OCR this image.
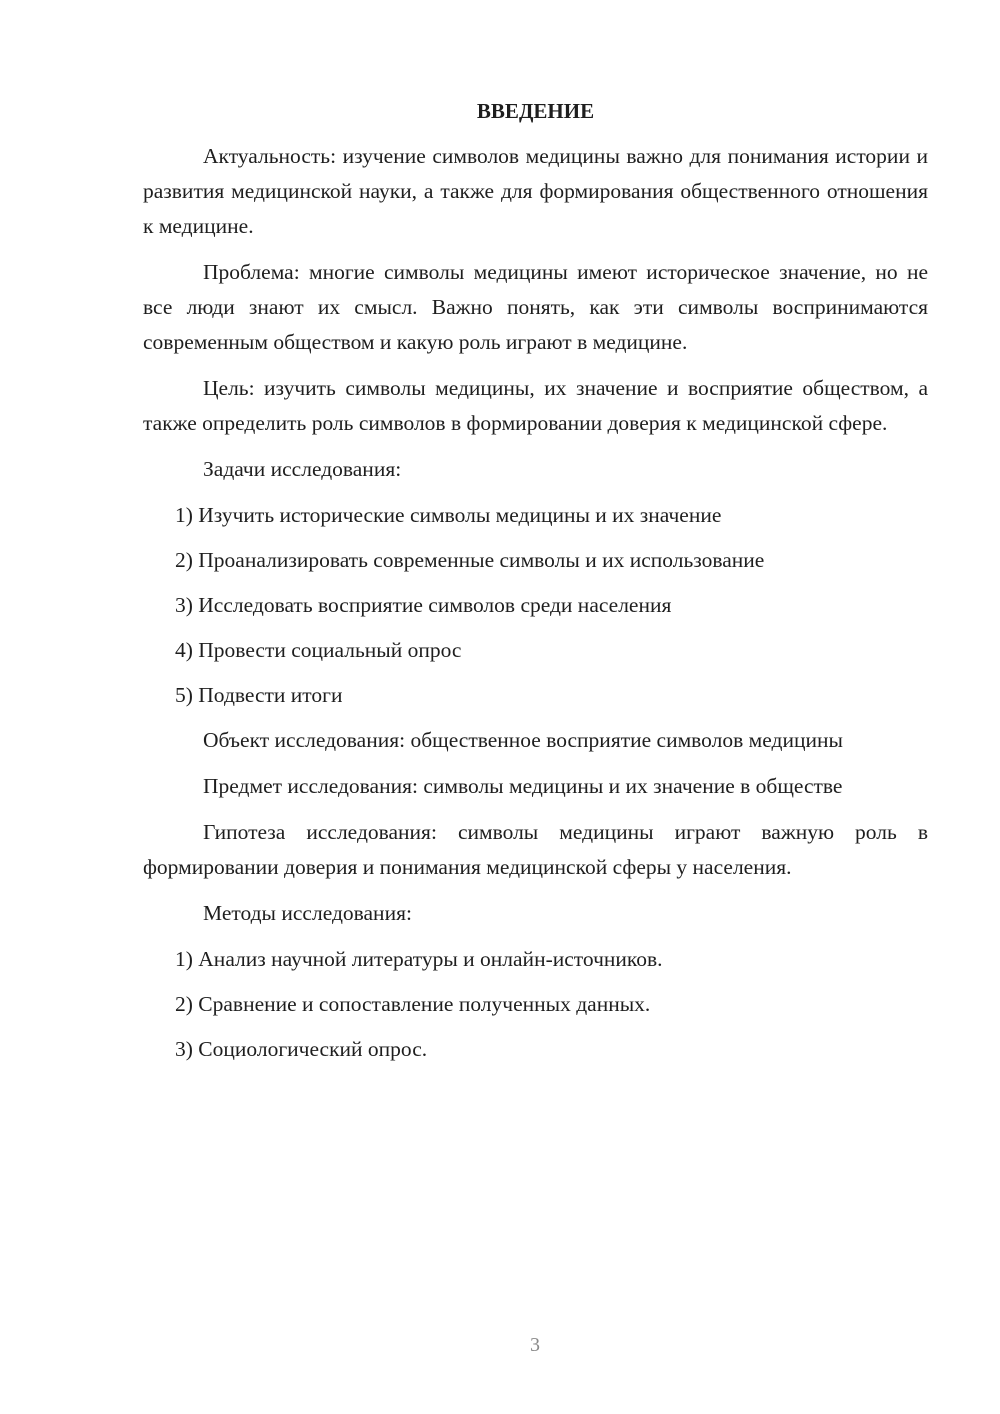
ВВЕДЕНИЕ
Актуальность: изучение символов медицины важно для понимания истории и развития медицинской науки, а также для формирования общественного отношения к медицине.
Проблема: многие символы медицины имеют историческое значение, но не все люди знают их смысл. Важно понять, как эти символы воспринимаются современным обществом и какую роль играют в медицине.
Цель: изучить символы медицины, их значение и восприятие обществом, а также определить роль символов в формировании доверия к медицинской сфере.
Задачи исследования:
1) Изучить исторические символы медицины и их значение
2) Проанализировать современные символы и их использование
3) Исследовать восприятие символов среди населения
4) Провести социальный опрос
5) Подвести итоги
Объект исследования: общественное восприятие символов медицины
Предмет исследования: символы медицины и их значение в обществе
Гипотеза исследования: символы медицины играют важную роль в формировании доверия и понимания медицинской сферы у населения.
Методы исследования:
1) Анализ научной литературы и онлайн-источников.
2) Сравнение и сопоставление полученных данных.
3) Социологический опрос.
3
